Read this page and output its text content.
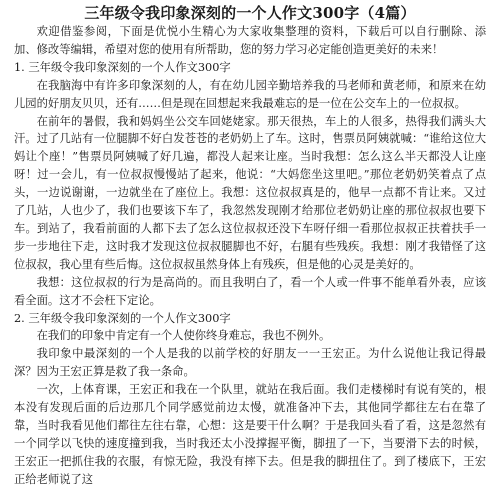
三年级令我印象深刻的一个人作文300字（4篇）

欢迎借鉴参阅，下面是优悦小生精心为大家收集整理的资料，下载后可以自行删除、添加、修改等编辑，希望对您的使用有所帮助，您的努力学习必定能创造更美好的未来！

1. 三年级令我印象深刻的一个人作文300字

在我脑海中有许多印象深刻的人，有在幼儿园辛勤培养我的马老师和黄老师，和原来在幼儿园的好朋友贝贝，还有……但是现在回想起来我最难忘的是一位在公交车上的一位叔叔。

在前年的暑假，我和妈妈坐公交车回姥姥家。那天很热，车上的人很多，热得我们满头大汗。过了几站有一位腿脚不好白发苍苍的老奶奶上了车。这时，售票员阿姨就喊：“谁给这位大妈让个座！”售票员阿姨喊了好几遍，都没人起来让座。当时我想：怎么这么半天都没人让座呀！过一会儿，有一位叔叔慢慢站了起来，他说：“大妈您坐这里吧。”那位老奶奶笑着点了点头，一边说谢谢，一边就坐在了座位上。我想：这位叔叔真是的，他早一点都不肯让来。又过了几站，人也少了，我们也要该下车了，我忽然发现刚才给那位老奶奶让座的那位叔叔也要下车。到站了，我看前面的人都下去了怎么这位叔叔还没下车呀仔细一看那位叔叔正扶着扶手一步一步地往下走，这时我才发现这位叔叔腿脚也不好，右腿有些残疾。我想：刚才我错怪了这位叔叔，我心里有些后悔。这位叔叔虽然身体上有残疾，但是他的心灵是美好的。

我想：这位叔叔的行为是高尚的。而且我明白了，看一个人或一件事不能单看外表，应该看全面。这才不会枉下定论。

2. 三年级令我印象深刻的一个人作文300字

在我们的印象中肯定有一个人使你终身难忘，我也不例外。

我印象中最深刻的一个人是我的以前学校的好朋友一一王宏正。为什么说他让我记得最深？因为王宏正算是救了我一条命。

一次，上体育课，王宏正和我在一个队里，就站在我后面。我们走楼梯时有说有笑的，根本没有发现后面的后边那几个同学感觉前边太慢，就准备冲下去，其他同学都往左右在靠了靠，当时我看见他们都往左往右靠，心想：这是要干什么啊？于是我回头看了看，这是忽然有一个同学以飞快的速度撞到我，当时我还太小没撑握平衡，脚扭了一下，当要滑下去的时候，王宏正一把抓住我的衣服，有惊无险，我没有摔下去。但是我的脚扭住了。到了楼底下，王宏正给老师说了这
